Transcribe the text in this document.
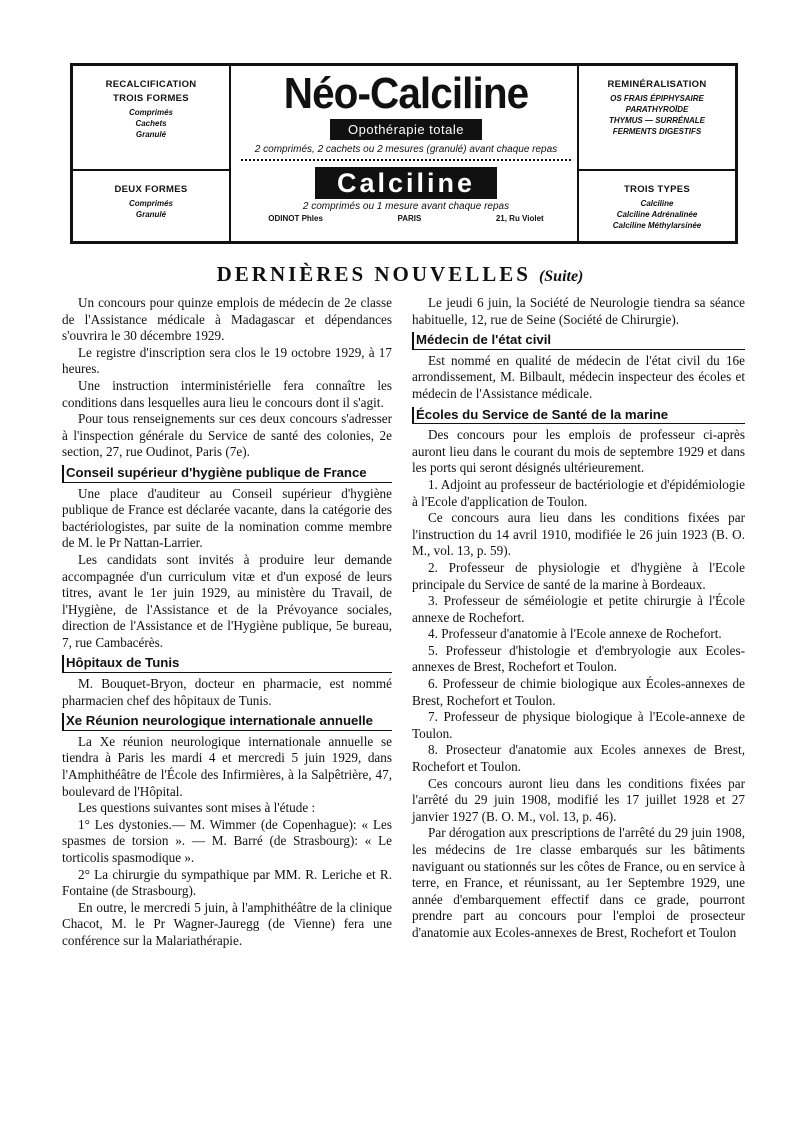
RECALCIFICATION
TROIS FORMES
Comprimés
Cachets
Granulé
DEUX FORMES
Comprimés
Granulé
Néo-Calciline
Opothérapie totale
2 comprimés, 2 cachets ou 2 mesures (granulé) avant chaque repas
Calciline
2 comprimés ou 1 mesure avant chaque repas
ODINOT Phles	PARIS	21, Ru Violet
REMINÉRALISATION
OS FRAIS ÉPIPHYSAIRE
PARATHYROÏDE
THYMUS — SURRÉNALE
FERMENTS DIGESTIFS
TROIS TYPES
Calciline
Calciline Adrénalinée
Calciline Méthylarsinée
DERNIÈRES NOUVELLES (Suite)

Un concours pour quinze emplois de médecin de 2e classe de l'Assistance médicale à Madagascar et dépendances s'ouvrira le 30 décembre 1929.

Le registre d'inscription sera clos le 19 octobre 1929, à 17 heures.

Une instruction interministérielle fera connaître les conditions dans lesquelles aura lieu le concours dont il s'agit.

Pour tous renseignements sur ces deux concours s'adresser à l'inspection générale du Service de santé des colonies, 2e section, 27, rue Oudinot, Paris (7e).

Conseil supérieur d'hygiène publique de France

Une place d'auditeur au Conseil supérieur d'hygiène publique de France est déclarée vacante, dans la catégorie des bactériologistes, par suite de la nomination comme membre de M. le Pr Nattan-Larrier.

Les candidats sont invités à produire leur demande accompagnée d'un curriculum vitæ et d'un exposé de leurs titres, avant le 1er juin 1929, au ministère du Travail, de l'Hygiène, de l'Assistance et de la Prévoyance sociales, direction de l'Assistance et de l'Hygiène publique, 5e bureau, 7, rue Cambacérès.

Hôpitaux de Tunis

M. Bouquet-Bryon, docteur en pharmacie, est nommé pharmacien chef des hôpitaux de Tunis.

Xe Réunion neurologique internationale annuelle

La Xe réunion neurologique internationale annuelle se tiendra à Paris les mardi 4 et mercredi 5 juin 1929, dans l'Amphithéâtre de l'École des Infirmières, à la Salpêtrière, 47, boulevard de l'Hôpital.

Les questions suivantes sont mises à l'étude :

1° Les dystonies.— M. Wimmer (de Copenhague): « Les spasmes de torsion ». — M. Barré (de Strasbourg): « Le torticolis spasmodique ».

2° La chirurgie du sympathique par MM. R. Leriche et R. Fontaine (de Strasbourg).

En outre, le mercredi 5 juin, à l'amphithéâtre de la clinique Chacot, M. le Pr Wagner-Jauregg (de Vienne) fera une conférence sur la Malariathérapie.

Le jeudi 6 juin, la Société de Neurologie tiendra sa séance habituelle, 12, rue de Seine (Société de Chirurgie).

Médecin de l'état civil

Est nommé en qualité de médecin de l'état civil du 16e arrondissement, M. Bilbault, médecin inspecteur des écoles et médecin de l'Assistance médicale.

Écoles du Service de Santé de la marine

Des concours pour les emplois de professeur ci-après auront lieu dans le courant du mois de septembre 1929 et dans les ports qui seront désignés ultérieurement.

1. Adjoint au professeur de bactériologie et d'épidémiologie à l'Ecole d'application de Toulon.

Ce concours aura lieu dans les conditions fixées par l'instruction du 14 avril 1910, modifiée le 26 juin 1923 (B. O. M., vol. 13, p. 59).

2. Professeur de physiologie et d'hygiène à l'Ecole principale du Service de santé de la marine à Bordeaux.

3. Professeur de séméiologie et petite chirurgie à l'École annexe de Rochefort.

4. Professeur d'anatomie à l'Ecole annexe de Rochefort.

5. Professeur d'histologie et d'embryologie aux Ecoles-annexes de Brest, Rochefort et Toulon.

6. Professeur de chimie biologique aux Écoles-annexes de Brest, Rochefort et Toulon.

7. Professeur de physique biologique à l'Ecole-annexe de Toulon.

8. Prosecteur d'anatomie aux Ecoles annexes de Brest, Rochefort et Toulon.

Ces concours auront lieu dans les conditions fixées par l'arrêté du 29 juin 1908, modifié les 17 juillet 1928 et 27 janvier 1927 (B. O. M., vol. 13, p. 46).

Par dérogation aux prescriptions de l'arrêté du 29 juin 1908, les médecins de 1re classe embarqués sur les bâtiments naviguant ou stationnés sur les côtes de France, ou en service à terre, en France, et réunissant, au 1er Septembre 1929, une année d'embarquement effectif dans ce grade, pourront prendre part au concours pour l'emploi de prosecteur d'anatomie aux Ecoles-annexes de Brest, Rochefort et Toulon
